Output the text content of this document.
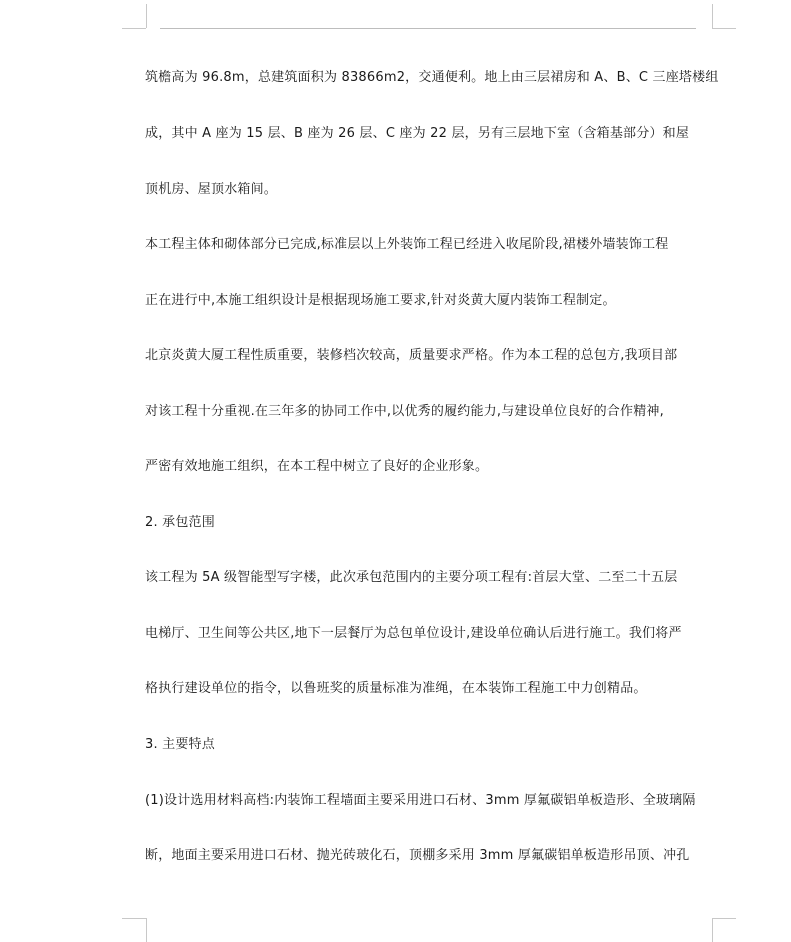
筑檐高为 96.8m，总建筑面积为 83866m2，交通便利。地上由三层裙房和 A、B、C 三座塔楼组
成，其中 A 座为 15 层、B 座为 26 层、C 座为 22 层，另有三层地下室（含箱基部分）和屋
顶机房、屋顶水箱间。
本工程主体和砌体部分已完成,标准层以上外装饰工程已经进入收尾阶段,裙楼外墙装饰工程
正在进行中,本施工组织设计是根据现场施工要求,针对炎黄大厦内装饰工程制定。
北京炎黄大厦工程性质重要，装修档次较高，质量要求严格。作为本工程的总包方,我项目部
对该工程十分重视.在三年多的协同工作中,以优秀的履约能力,与建设单位良好的合作精神,
严密有效地施工组织，在本工程中树立了良好的企业形象。
2. 承包范围
该工程为 5A 级智能型写字楼，此次承包范围内的主要分项工程有:首层大堂、二至二十五层
电梯厅、卫生间等公共区,地下一层餐厅为总包单位设计,建设单位确认后进行施工。我们将严
格执行建设单位的指令，以鲁班奖的质量标准为准绳，在本装饰工程施工中力创精品。
3. 主要特点
(1)设计选用材料高档:内装饰工程墙面主要采用进口石材、3mm 厚氟碳铝单板造形、全玻璃隔
断，地面主要采用进口石材、抛光砖玻化石，顶棚多采用 3mm 厚氟碳铝单板造形吊顶、冲孔
